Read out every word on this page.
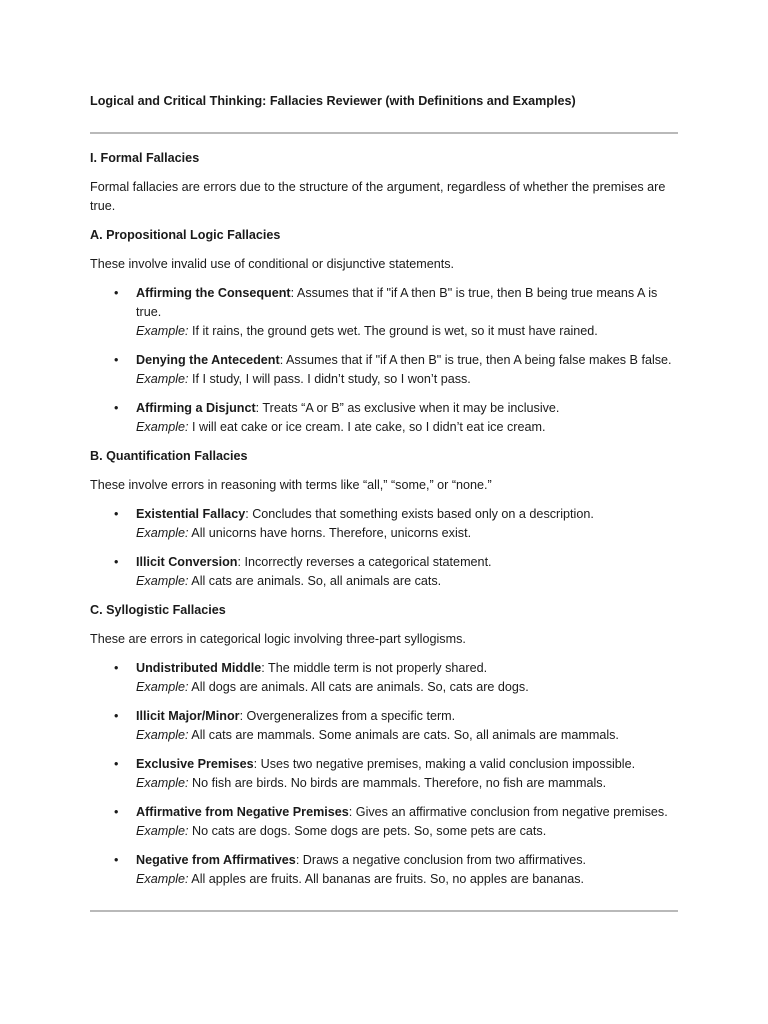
Logical and Critical Thinking: Fallacies Reviewer (with Definitions and Examples)

I. Formal Fallacies

Formal fallacies are errors due to the structure of the argument, regardless of whether the premises are true.

A. Propositional Logic Fallacies

These involve invalid use of conditional or disjunctive statements.

• Affirming the Consequent: Assumes that if "if A then B" is true, then B being true means A is true.
Example: If it rains, the ground gets wet. The ground is wet, so it must have rained.
• Denying the Antecedent: Assumes that if "if A then B" is true, then A being false makes B false.
Example: If I study, I will pass. I didn’t study, so I won’t pass.
• Affirming a Disjunct: Treats “A or B” as exclusive when it may be inclusive.
Example: I will eat cake or ice cream. I ate cake, so I didn’t eat ice cream.
B. Quantification Fallacies

These involve errors in reasoning with terms like “all,” “some,” or “none.”

• Existential Fallacy: Concludes that something exists based only on a description.
Example: All unicorns have horns. Therefore, unicorns exist.
• Illicit Conversion: Incorrectly reverses a categorical statement.
Example: All cats are animals. So, all animals are cats.
C. Syllogistic Fallacies

These are errors in categorical logic involving three-part syllogisms.

• Undistributed Middle: The middle term is not properly shared.
Example: All dogs are animals. All cats are animals. So, cats are dogs.
• Illicit Major/Minor: Overgeneralizes from a specific term.
Example: All cats are mammals. Some animals are cats. So, all animals are mammals.
• Exclusive Premises: Uses two negative premises, making a valid conclusion impossible.
Example: No fish are birds. No birds are mammals. Therefore, no fish are mammals.
• Affirmative from Negative Premises: Gives an affirmative conclusion from negative premises.
Example: No cats are dogs. Some dogs are pets. So, some pets are cats.
• Negative from Affirmatives: Draws a negative conclusion from two affirmatives.
Example: All apples are fruits. All bananas are fruits. So, no apples are bananas.
